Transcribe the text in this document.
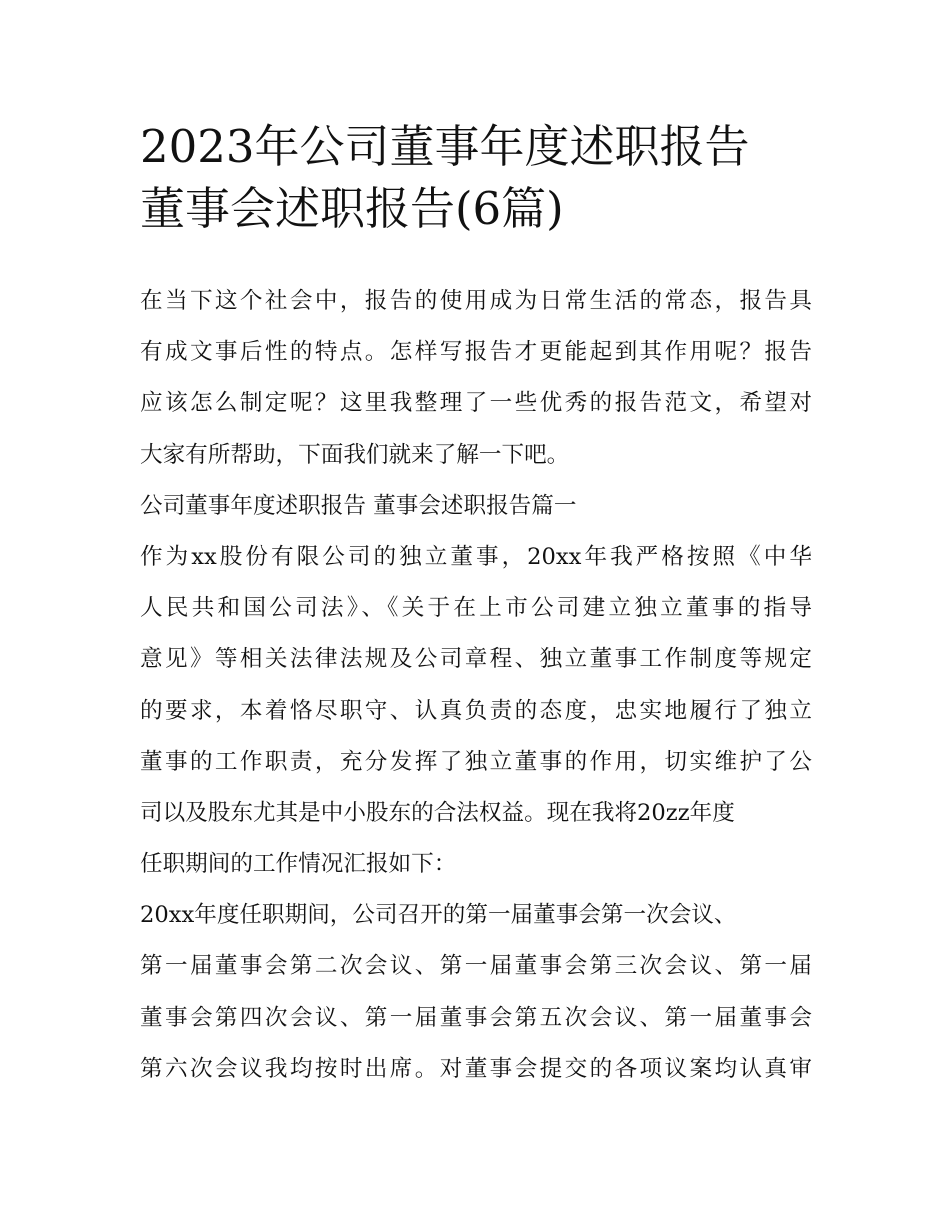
2023年公司董事年度述职报告
董事会述职报告(6篇)
在当下这个社会中，报告的使用成为日常生活的常态，报告具
有成文事后性的特点。怎样写报告才更能起到其作用呢？报告
应该怎么制定呢？这里我整理了一些优秀的报告范文，希望对
大家有所帮助，下面我们就来了解一下吧。
公司董事年度述职报告 董事会述职报告篇一
作为xx股份有限公司的独立董事，20xx年我严格按照《中华
人民共和国公司法》、《关于在上市公司建立独立董事的指导
意见》等相关法律法规及公司章程、独立董事工作制度等规定
的要求，本着恪尽职守、认真负责的态度，忠实地履行了独立
董事的工作职责，充分发挥了独立董事的作用，切实维护了公
司以及股东尤其是中小股东的合法权益。现在我将20zz年度
任职期间的工作情况汇报如下：
20xx年度任职期间，公司召开的第一届董事会第一次会议、
第一届董事会第二次会议、第一届董事会第三次会议、第一届
董事会第四次会议、第一届董事会第五次会议、第一届董事会
第六次会议我均按时出席。对董事会提交的各项议案均认真审
